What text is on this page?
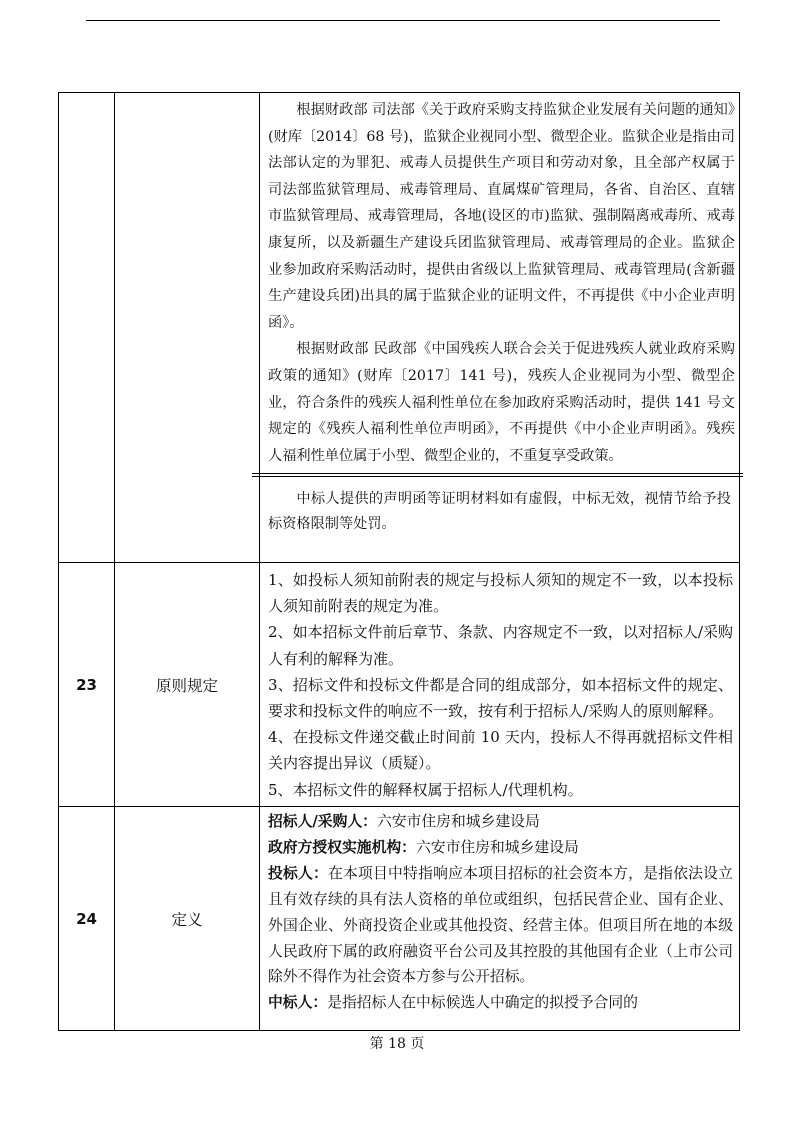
		根据财政部 司法部《关于政府采购支持监狱企业发展有关问题的通知》(财库〔2014〕68 号)，监狱企业视同小型、微型企业。监狱企业是指由司法部认定的为罪犯、戒毒人员提供生产项目和劳动对象，且全部产权属于司法部监狱管理局、戒毒管理局、直属煤矿管理局，各省、自治区、直辖市监狱管理局、戒毒管理局，各地(设区的市)监狱、强制隔离戒毒所、戒毒康复所，以及新疆生产建设兵团监狱管理局、戒毒管理局的企业。监狱企业参加政府采购活动时，提供由省级以上监狱管理局、戒毒管理局(含新疆生产建设兵团)出具的属于监狱企业的证明文件，不再提供《中小企业声明函》。

根据财政部 民政部《中国残疾人联合会关于促进残疾人就业政府采购政策的通知》(财库〔2017〕141 号)，残疾人企业视同为小型、微型企业，符合条件的残疾人福利性单位在参加政府采购活动时，提供 141 号文规定的《残疾人福利性单位声明函》，不再提供《中小企业声明函》。残疾人福利性单位属于小型、微型企业的，不重复享受政策。

中标人提供的声明函等证明材料如有虚假，中标无效，视情节给予投标资格限制等处罚。

23	原则规定	1、如投标人须知前附表的规定与投标人须知的规定不一致，以本投标人须知前附表的规定为准。

2、如本招标文件前后章节、条款、内容规定不一致，以对招标人/采购人有利的解释为准。

3、招标文件和投标文件都是合同的组成部分，如本招标文件的规定、要求和投标文件的响应不一致，按有利于招标人/采购人的原则解释。

4、在投标文件递交截止时间前 10 天内，投标人不得再就招标文件相关内容提出异议（质疑）。

5、本招标文件的解释权属于招标人/代理机构。

24	定义	招标人/采购人：六安市住房和城乡建设局

政府方授权实施机构：六安市住房和城乡建设局

投标人：在本项目中特指响应本项目招标的社会资本方，是指依法设立且有效存续的具有法人资格的单位或组织，包括民营企业、国有企业、外国企业、外商投资企业或其他投资、经营主体。但项目所在地的本级人民政府下属的政府融资平台公司及其控股的其他国有企业（上市公司除外不得作为社会资本方参与公开招标。

中标人：是指招标人在中标候选人中确定的拟授予合同的

第 18 页
